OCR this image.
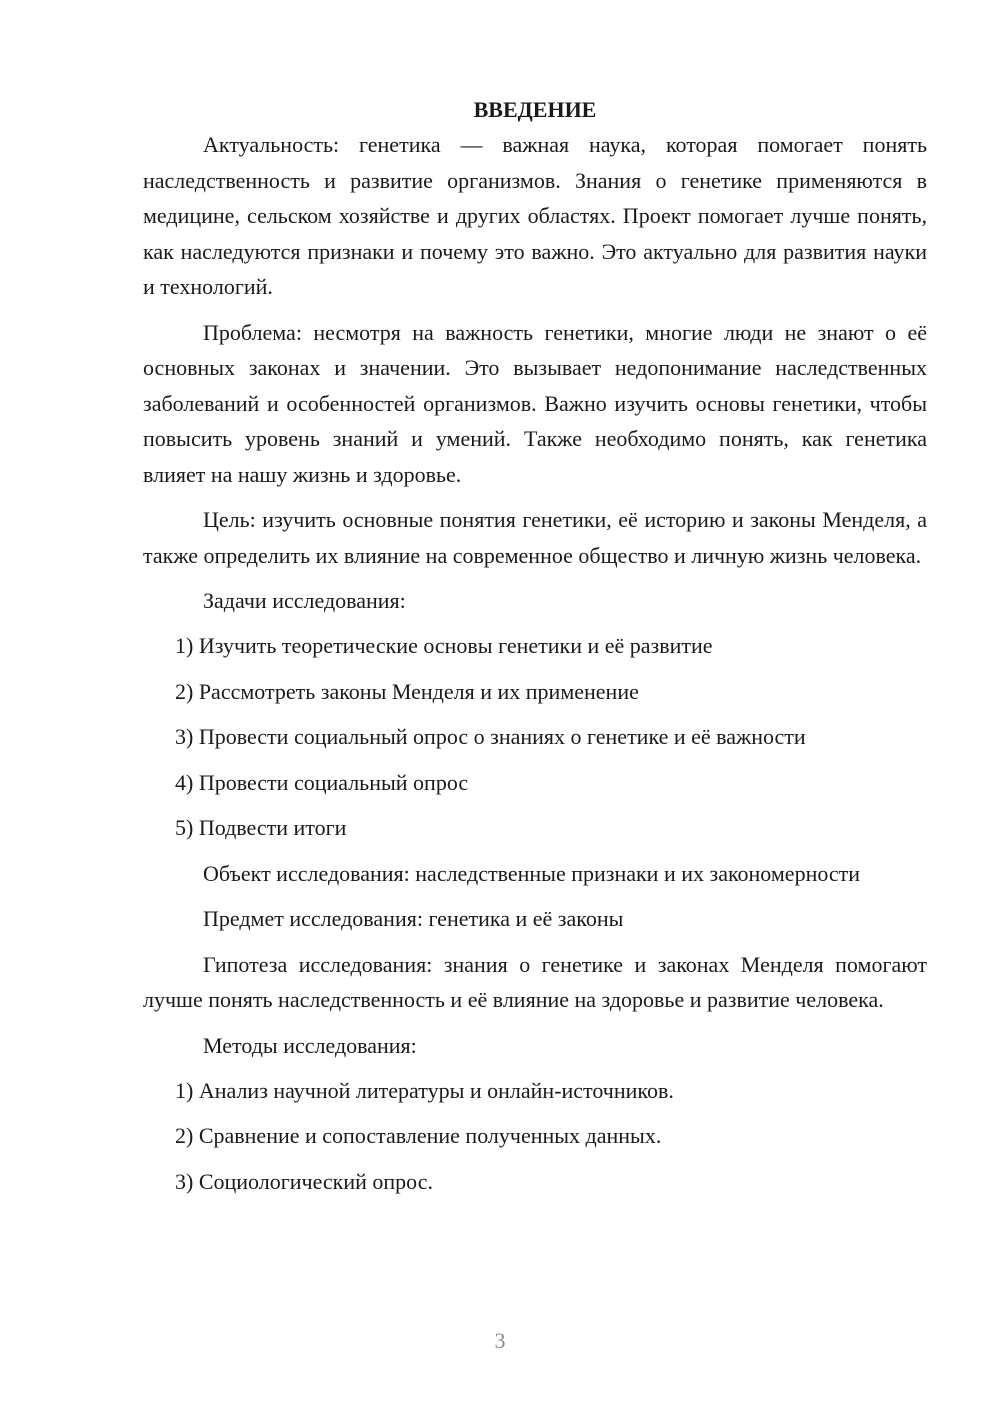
ВВЕДЕНИЕ

Актуальность: генетика — важная наука, которая помогает понять наследственность и развитие организмов. Знания о генетике применяются в медицине, сельском хозяйстве и других областях. Проект помогает лучше понять, как наследуются признаки и почему это важно. Это актуально для развития науки и технологий.

Проблема: несмотря на важность генетики, многие люди не знают о её основных законах и значении. Это вызывает недопонимание наследственных заболеваний и особенностей организмов. Важно изучить основы генетики, чтобы повысить уровень знаний и умений. Также необходимо понять, как генетика влияет на нашу жизнь и здоровье.

Цель: изучить основные понятия генетики, её историю и законы Менделя, а также определить их влияние на современное общество и личную жизнь человека.

Задачи исследования:

1) Изучить теоретические основы генетики и её развитие
2) Рассмотреть законы Менделя и их применение
3) Провести социальный опрос о знаниях о генетике и её важности
4) Провести социальный опрос
5) Подвести итоги

Объект исследования: наследственные признаки и их закономерности

Предмет исследования: генетика и её законы

Гипотеза исследования: знания о генетике и законах Менделя помогают лучше понять наследственность и её влияние на здоровье и развитие человека.

Методы исследования:

1) Анализ научной литературы и онлайн-источников.
2) Сравнение и сопоставление полученных данных.
3) Социологический опрос.
3
